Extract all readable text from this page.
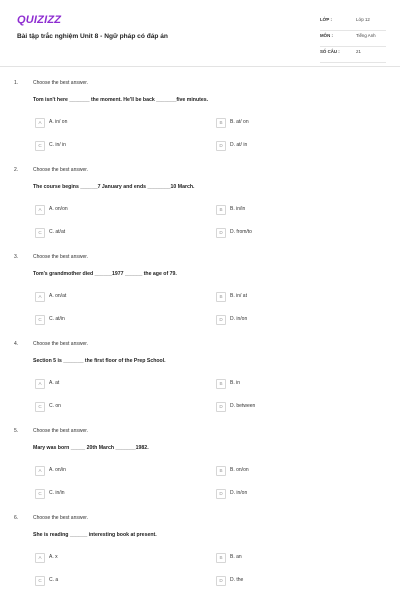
QUIZIZZ
Bài tập trắc nghiệm Unit 8 - Ngữ pháp có đáp án
LỚP :	Lớp 12
MÔN :	Tiếng Anh
SỐ CÂU :	21
1.	Choose the best answer.
Tom isn't here _______ the moment. He'll be back _______five minutes.
A	A. in/ on	B	B. at/ on
C	C. in/ in	D	D. at/ in
2.	Choose the best answer.
The course begins ______7 January and ends ________10 March.
A	A. on/on	B	B. in/in
C	C. at/at	D	D. from/to
3.	Choose the best answer.
Tom's grandmother died ______1977 ______ the age of 79.
A	A. on/at	B	B. in/ at
C	C. at/in	D	D. in/on
4.	Choose the best answer.
Section 5 is _______ the first floor of the Prep School.
A	A. at	B	B. in
C	C. on	D	D. between
5.	Choose the best answer.
Mary was born _____ 20th March _______1982.
A	A. on/in	B	B. on/on
C	C. in/in	D	D. in/on
6.	Choose the best answer.
She is reading ______ interesting book at present.
A	A. x	B	B. an
C	C. a	D	D. the
